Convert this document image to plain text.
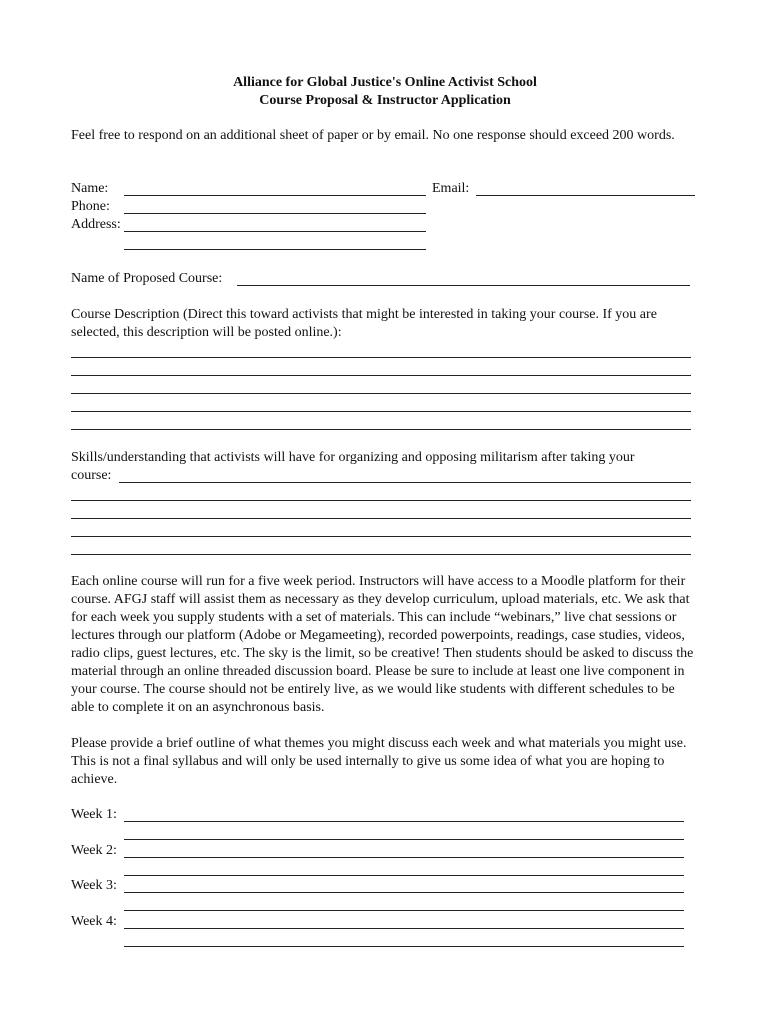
Alliance for Global Justice's Online Activist School
Course Proposal & Instructor Application
Feel free to respond on an additional sheet of paper or by email. No one response should exceed 200 words.
Name:	Email:
Phone:
Address:
Name of Proposed Course:
Course Description (Direct this toward activists that might be interested in taking your course. If you are selected, this description will be posted online.):
Skills/understanding that activists will have for organizing and opposing militarism after taking your
course:
Each online course will run for a five week period. Instructors will have access to a Moodle platform for their course. AFGJ staff will assist them as necessary as they develop curriculum, upload materials, etc. We ask that for each week you supply students with a set of materials. This can include “webinars,” live chat sessions or lectures through our platform (Adobe or Megameeting), recorded powerpoints, readings, case studies, videos, radio clips, guest lectures, etc. The sky is the limit, so be creative! Then students should be asked to discuss the material through an online threaded discussion board. Please be sure to include at least one live component in your course. The course should not be entirely live, as we would like students with different schedules to be able to complete it on an asynchronous basis.
Please provide a brief outline of what themes you might discuss each week and what materials you might use. This is not a final syllabus and will only be used internally to give us some idea of what you are hoping to achieve.
Week 1:
Week 2:
Week 3:
Week 4:
